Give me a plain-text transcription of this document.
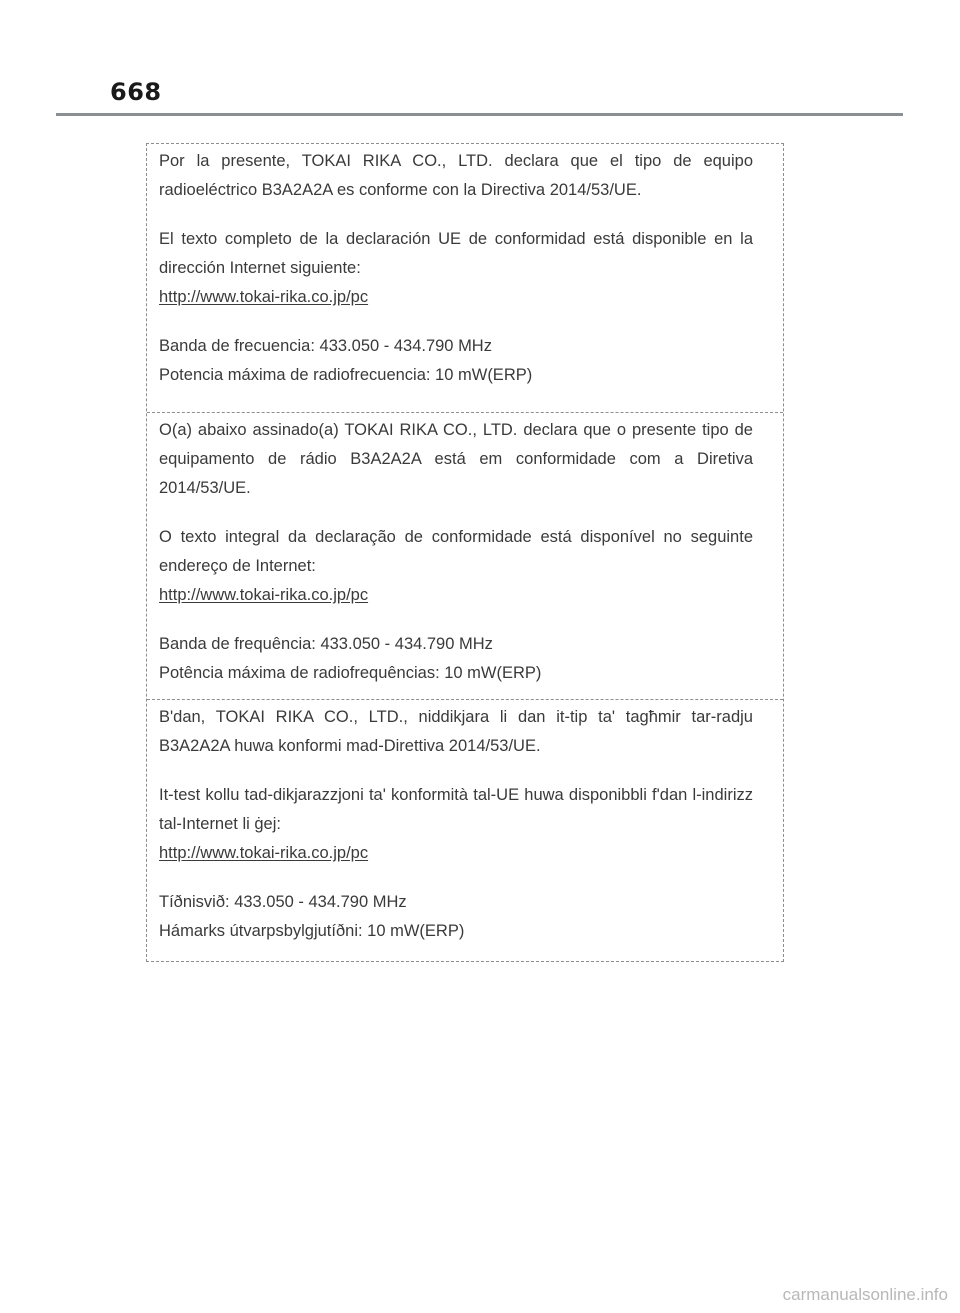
668

Por la presente, TOKAI RIKA CO., LTD. declara que el tipo de equipo radioeléctrico B3A2A2A es conforme con la Directiva 2014/53/UE.

El texto completo de la declaración UE de conformidad está disponible en la dirección Internet siguiente:

http://www.tokai-rika.co.jp/pc

Banda de frecuencia: 433.050 - 434.790 MHz

Potencia máxima de radiofrecuencia: 10 mW(ERP)

O(a) abaixo assinado(a) TOKAI RIKA CO., LTD. declara que o presente tipo de equipamento de rádio B3A2A2A está em conformidade com a Diretiva 2014/53/UE.

O texto integral da declaração de conformidade está disponível no seguinte endereço de Internet:

http://www.tokai-rika.co.jp/pc

Banda de frequência: 433.050 - 434.790 MHz

Potência máxima de radiofrequências: 10 mW(ERP)

B'dan, TOKAI RIKA CO., LTD., niddikjara li dan it-tip ta' tagħmir tar-radju B3A2A2A huwa konformi mad-Direttiva 2014/53/UE.

It-test kollu tad-dikjarazzjoni ta' konformità tal-UE huwa disponibbli f'dan l-indirizz tal-Internet li ġej:

http://www.tokai-rika.co.jp/pc

Tíðnisvið: 433.050 - 434.790 MHz

Hámarks útvarpsbylgjutíðni: 10 mW(ERP)

carmanualsonline.info
